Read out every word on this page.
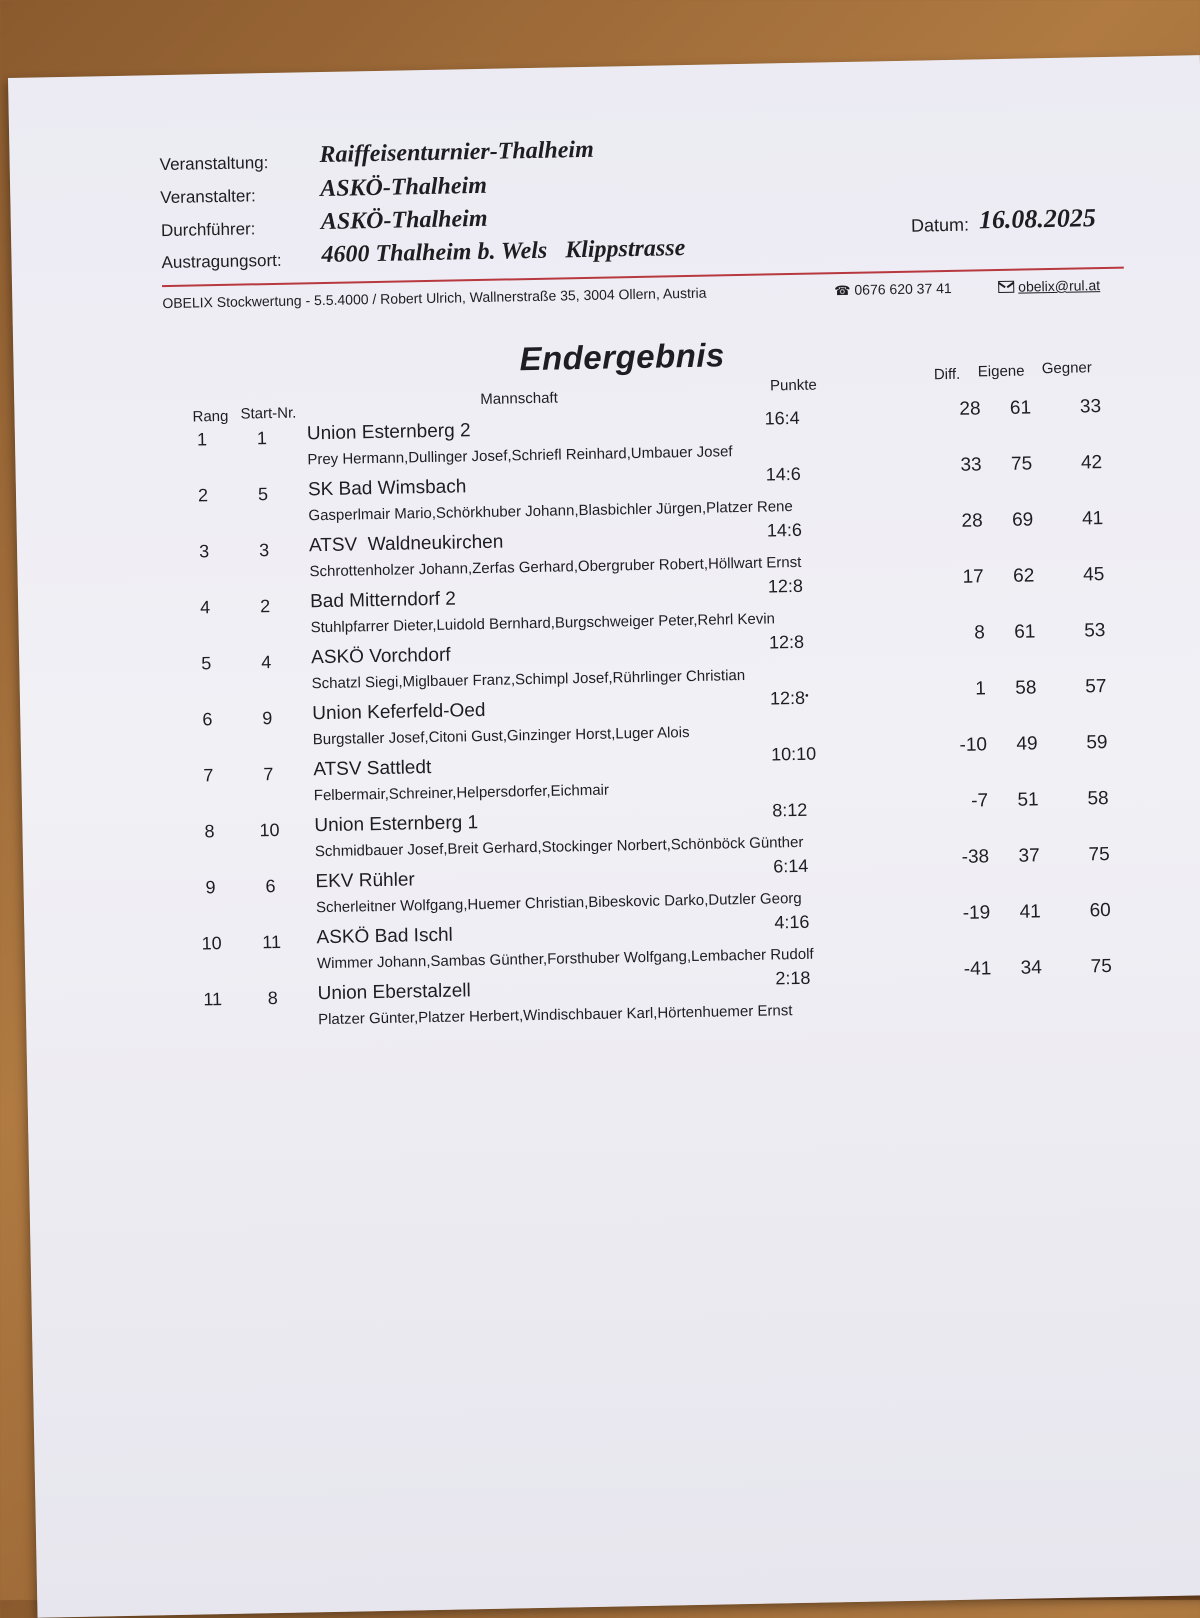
Veranstaltung: Raiffeisenturnier-Thalheim
Veranstalter:	ASKÖ-Thalheim
Durchführer:	ASKÖ-Thalheim
Austragungsort: 4600 Thalheim b. Wels   Klippstrasse
Datum: 16.08.2025
OBELIX Stockwertung - 5.5.4000 / Robert Ulrich, Wallnerstraße 35, 3004 Ollern, Austria	☎ 0676 620 37 41	obelix@rul.at
Endergebnis
Rang Start-Nr.
Mannschaft
Punkte
Diff. Eigene Gegner
1	1	Union Esternberg 2
Prey Hermann,Dullinger Josef,Schriefl Reinhard,Umbauer Josef
16:4	28	61	33
2	5	SK Bad Wimsbach
Gasperlmair Mario,Schörkhuber Johann,Blasbichler Jürgen,Platzer Rene
14:6	33	75	42
3	3	ATSV  Waldneukirchen
Schrottenholzer Johann,Zerfas Gerhard,Obergruber Robert,Höllwart Ernst
14:6	28	69	41
4	2	Bad Mitterndorf 2
Stuhlpfarrer Dieter,Luidold Bernhard,Burgschweiger Peter,Rehrl Kevin
12:8	17	62	45
5	4	ASKÖ Vorchdorf
Schatzl Siegi,Miglbauer Franz,Schimpl Josef,Rührlinger Christian
12:8	8	61	53
6	9	Union Keferfeld-Oed
Burgstaller Josef,Citoni Gust,Ginzinger Horst,Luger Alois
12:8•	1	58	57
7	7	ATSV Sattledt
Felbermair,Schreiner,Helpersdorfer,Eichmair
10:10	-10	49	59
8	10 Union Esternberg 1
Schmidbauer Josef,Breit Gerhard,Stockinger Norbert,Schönböck Günther
8:12	-7	51	58
9	6	EKV Rühler
Scherleitner Wolfgang,Huemer Christian,Bibeskovic Darko,Dutzler Georg
6:14	-38	37	75
10	11 ASKÖ Bad Ischl
Wimmer Johann,Sambas Günther,Forsthuber Wolfgang,Lembacher Rudolf
4:16	-19	41	60
11	8	Union Eberstalzell
Platzer Günter,Platzer Herbert,Windischbauer Karl,Hörtenhuemer Ernst
2:18	-41	34	75
